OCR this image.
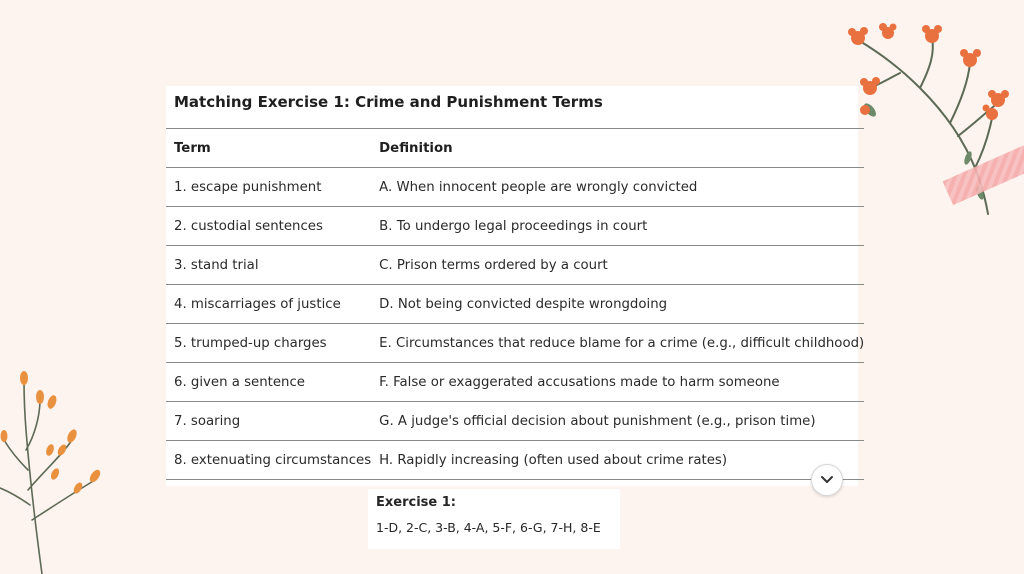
Matching Exercise 1: Crime and Punishment Terms
Term	Definition
1. escape punishment	A. When innocent people are wrongly convicted
2. custodial sentences	B. To undergo legal proceedings in court
3. stand trial	C. Prison terms ordered by a court
4. miscarriages of justice	D. Not being convicted despite wrongdoing
5. trumped-up charges	E. Circumstances that reduce blame for a crime (e.g., difficult childhood)
6. given a sentence	F. False or exaggerated accusations made to harm someone
7. soaring	G. A judge's official decision about punishment (e.g., prison time)
8. extenuating circumstances	H. Rapidly increasing (often used about crime rates)
Exercise 1:
1-D, 2-C, 3-B, 4-A, 5-F, 6-G, 7-H, 8-E
